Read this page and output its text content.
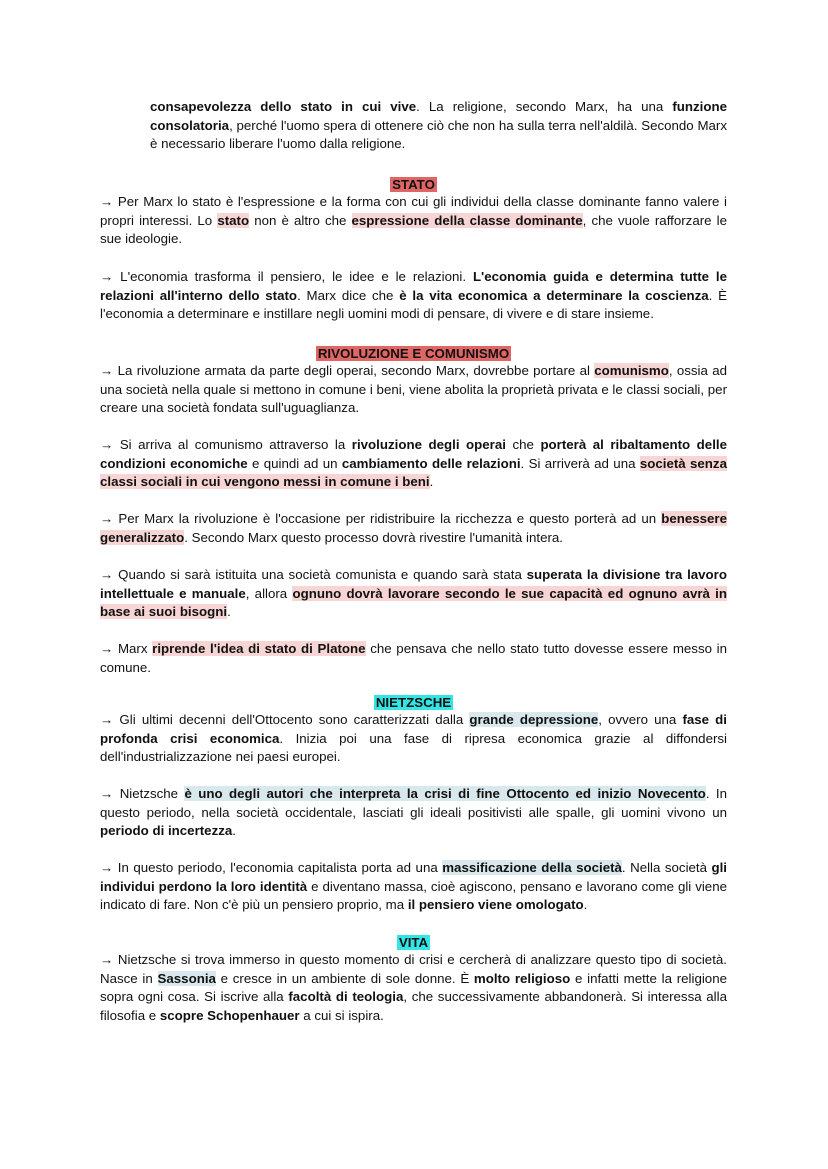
consapevolezza dello stato in cui vive. La religione, secondo Marx, ha una funzione consolatoria, perché l'uomo spera di ottenere ciò che non ha sulla terra nell'aldilà. Secondo Marx è necessario liberare l'uomo dalla religione.

STATO

→ Per Marx lo stato è l'espressione e la forma con cui gli individui della classe dominante fanno valere i propri interessi. Lo stato non è altro che espressione della classe dominante, che vuole rafforzare le sue ideologie.

→ L'economia trasforma il pensiero, le idee e le relazioni. L'economia guida e determina tutte le relazioni all'interno dello stato. Marx dice che è la vita economica a determinare la coscienza. È l'economia a determinare e instillare negli uomini modi di pensare, di vivere e di stare insieme.

RIVOLUZIONE E COMUNISMO

→ La rivoluzione armata da parte degli operai, secondo Marx, dovrebbe portare al comunismo, ossia ad una società nella quale si mettono in comune i beni, viene abolita la proprietà privata e le classi sociali, per creare una società fondata sull'uguaglianza.

→ Si arriva al comunismo attraverso la rivoluzione degli operai che porterà al ribaltamento delle condizioni economiche e quindi ad un cambiamento delle relazioni. Si arriverà ad una società senza classi sociali in cui vengono messi in comune i beni.

→ Per Marx la rivoluzione è l'occasione per ridistribuire la ricchezza e questo porterà ad un benessere generalizzato. Secondo Marx questo processo dovrà rivestire l'umanità intera.

→ Quando si sarà istituita una società comunista e quando sarà stata superata la divisione tra lavoro intellettuale e manuale, allora ognuno dovrà lavorare secondo le sue capacità ed ognuno avrà in base ai suoi bisogni.

→ Marx riprende l'idea di stato di Platone che pensava che nello stato tutto dovesse essere messo in comune.

NIETZSCHE

→ Gli ultimi decenni dell'Ottocento sono caratterizzati dalla grande depressione, ovvero una fase di profonda crisi economica. Inizia poi una fase di ripresa economica grazie al diffondersi dell'industrializzazione nei paesi europei.

→ Nietzsche è uno degli autori che interpreta la crisi di fine Ottocento ed inizio Novecento. In questo periodo, nella società occidentale, lasciati gli ideali positivisti alle spalle, gli uomini vivono un periodo di incertezza.

→ In questo periodo, l'economia capitalista porta ad una massificazione della società. Nella società gli individui perdono la loro identità e diventano massa, cioè agiscono, pensano e lavorano come gli viene indicato di fare. Non c'è più un pensiero proprio, ma il pensiero viene omologato.

VITA

→ Nietzsche si trova immerso in questo momento di crisi e cercherà di analizzare questo tipo di società. Nasce in Sassonia e cresce in un ambiente di sole donne. È molto religioso e infatti mette la religione sopra ogni cosa. Si iscrive alla facoltà di teologia, che successivamente abbandonerà. Si interessa alla filosofia e scopre Schopenhauer a cui si ispira.
